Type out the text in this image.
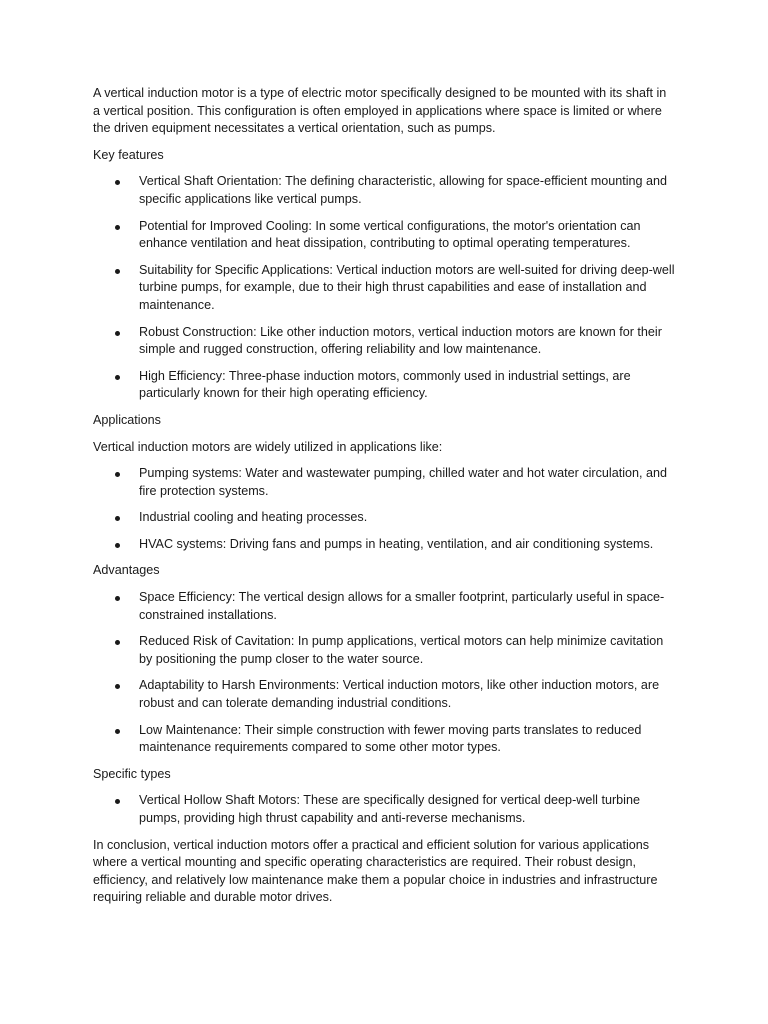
A vertical induction motor is a type of electric motor specifically designed to be mounted with its shaft in a vertical position. This configuration is often employed in applications where space is limited or where the driven equipment necessitates a vertical orientation, such as pumps.

Key features

Vertical Shaft Orientation: The defining characteristic, allowing for space-efficient mounting and specific applications like vertical pumps.
Potential for Improved Cooling: In some vertical configurations, the motor's orientation can enhance ventilation and heat dissipation, contributing to optimal operating temperatures.
Suitability for Specific Applications: Vertical induction motors are well-suited for driving deep-well turbine pumps, for example, due to their high thrust capabilities and ease of installation and maintenance.
Robust Construction: Like other induction motors, vertical induction motors are known for their simple and rugged construction, offering reliability and low maintenance.
High Efficiency: Three-phase induction motors, commonly used in industrial settings, are particularly known for their high operating efficiency.

Applications

Vertical induction motors are widely utilized in applications like:

Pumping systems: Water and wastewater pumping, chilled water and hot water circulation, and fire protection systems.
Industrial cooling and heating processes.
HVAC systems: Driving fans and pumps in heating, ventilation, and air conditioning systems.

Advantages

Space Efficiency: The vertical design allows for a smaller footprint, particularly useful in space-constrained installations.
Reduced Risk of Cavitation: In pump applications, vertical motors can help minimize cavitation by positioning the pump closer to the water source.
Adaptability to Harsh Environments: Vertical induction motors, like other induction motors, are robust and can tolerate demanding industrial conditions.
Low Maintenance: Their simple construction with fewer moving parts translates to reduced maintenance requirements compared to some other motor types.

Specific types

Vertical Hollow Shaft Motors: These are specifically designed for vertical deep-well turbine pumps, providing high thrust capability and anti-reverse mechanisms.

In conclusion, vertical induction motors offer a practical and efficient solution for various applications where a vertical mounting and specific operating characteristics are required. Their robust design, efficiency, and relatively low maintenance make them a popular choice in industries and infrastructure requiring reliable and durable motor drives.
